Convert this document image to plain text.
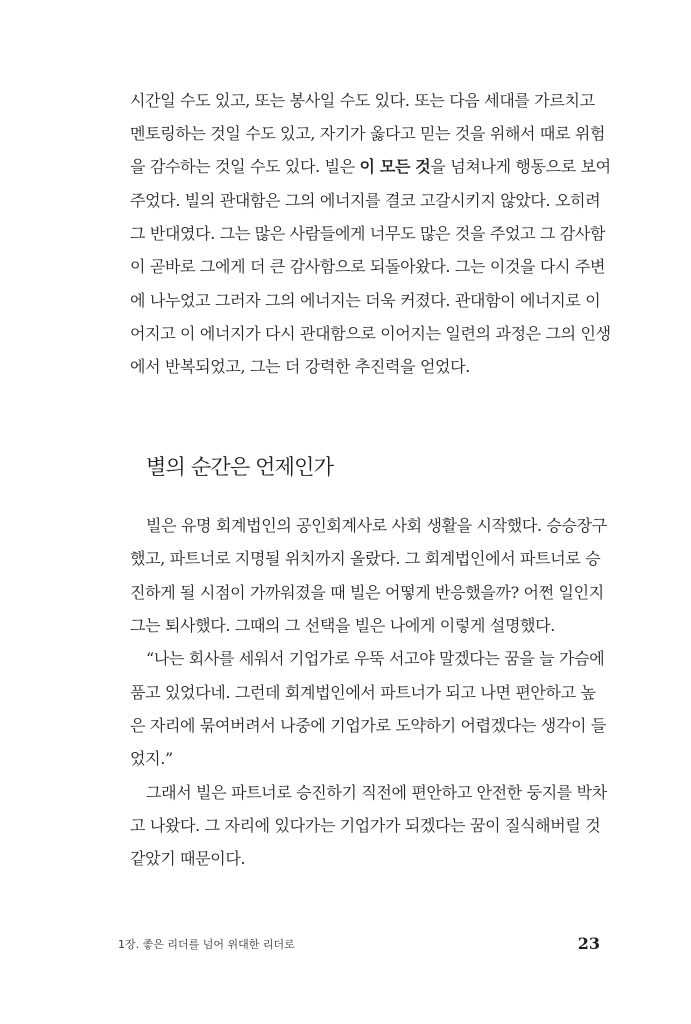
시간일 수도 있고, 또는 봉사일 수도 있다. 또는 다음 세대를 가르치고
멘토링하는 것일 수도 있고, 자기가 옳다고 믿는 것을 위해서 때로 위험
을 감수하는 것일 수도 있다. 빌은 이 모든 것을 넘쳐나게 행동으로 보여
주었다. 빌의 관대함은 그의 에너지를 결코 고갈시키지 않았다. 오히려
그 반대였다. 그는 많은 사람들에게 너무도 많은 것을 주었고 그 감사함
이 곧바로 그에게 더 큰 감사함으로 되돌아왔다. 그는 이것을 다시 주변
에 나누었고 그러자 그의 에너지는 더욱 커졌다. 관대함이 에너지로 이
어지고 이 에너지가 다시 관대함으로 이어지는 일련의 과정은 그의 인생
에서 반복되었고, 그는 더 강력한 추진력을 얻었다.
별의 순간은 언제인가
빌은 유명 회계법인의 공인회계사로 사회 생활을 시작했다. 승승장구
했고, 파트너로 지명될 위치까지 올랐다. 그 회계법인에서 파트너로 승
진하게 될 시점이 가까워졌을 때 빌은 어떻게 반응했을까? 어쩐 일인지
그는 퇴사했다. 그때의 그 선택을 빌은 나에게 이렇게 설명했다.
“나는 회사를 세워서 기업가로 우뚝 서고야 말겠다는 꿈을 늘 가슴에
품고 있었다네. 그런데 회계법인에서 파트너가 되고 나면 편안하고 높
은 자리에 묶여버려서 나중에 기업가로 도약하기 어렵겠다는 생각이 들
었지.”
그래서 빌은 파트너로 승진하기 직전에 편안하고 안전한 둥지를 박차
고 나왔다. 그 자리에 있다가는 기업가가 되겠다는 꿈이 질식해버릴 것
같았기 때문이다.
1장. 좋은 리더를 넘어 위대한 리더로	23
